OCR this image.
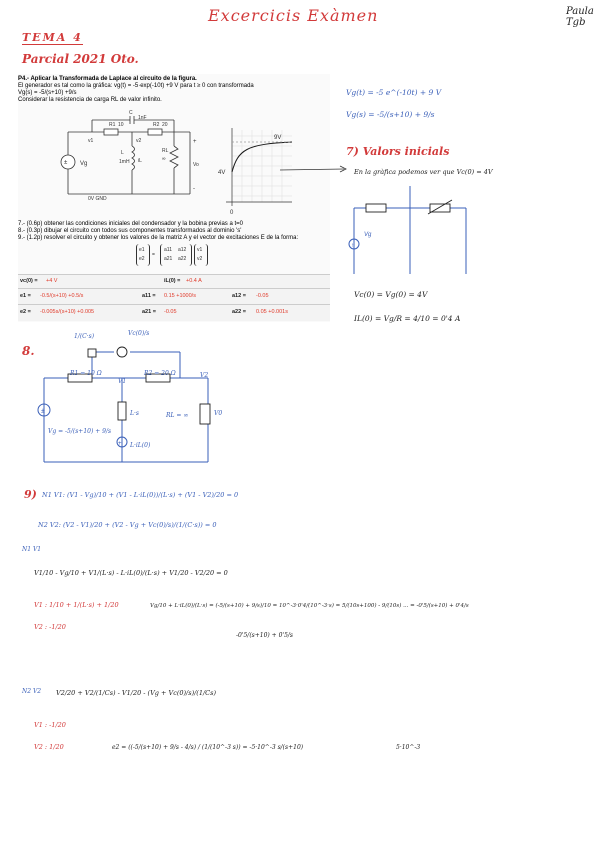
Excercicis Exàmen	Paula Tgb
TEMA 4
Parcial 2021 Oto.
P4.- Aplicar la Transformada de Laplace al circuito de la figura.
El generador es tal como la gráfica: vg(t) = -5·exp(-10t) +9 V para t ≥ 0 con transformada
Vg(s) = -5/(s+10) +9/s
Considerar la resistencia de carga RL de valor infinito.
± Vg
R1 10	R2 20
C
1nF
v2
v1
L
1mH iL
RL
∞
+
-
Vo
0V GND
9V
4V
0
7.- (0.6p) obtener las condiciones iniciales del condensador y la bobina previas a t=0
8.- (0.3p) dibujar el circuito con todos sus componentes transformados al dominio 's'
9.- (1.2p) resolver el circuito y obtener los valores de la matriz A y el vector de excitaciones E de la forma:
e1
e2
=
a11 a12
a21 a22
v1
v2
vc(0) = +4 V	iL(0) = +0.4 A
e1 = -0.5/(s+10) +0.5/s	a11 = 0.15 +1000/s	a12 = -0.05
e2 = -0.005s/(s+10) +0.005	a21 = -0.05	a22 = 0.05 +0.001s
Vg(t) = -5 e^(-10t) + 9 V
Vg(s) = -5/(s+10) + 9/s
7) Valors inicials
En la gràfica podemos ver que Vc(0) = 4V
↑
Vg
Vc(0) = Vg(0) = 4V
IL(0) = Vg/R = 4/10 = 0'4 A
8.
±
+
1/(C·s)	Vc(0)/s
R1 = 10 Ω	R2 = 20 Ω
V1
V2
Vg = -5/(s+10) + 9/s
L·s
L·iL(0)
RL = ∞	V0
9) N1 V1: (V1 - Vg)/10 + (V1 - L·iL(0))/(L·s) + (V1 - V2)/20 = 0
N2 V2: (V2 - V1)/20 + (V2 - Vg + Vc(0)/s)/(1/(C·s)) = 0
N1 V1
V1/10 - Vg/10 + V1/(L·s) - L·iL(0)/(L·s) + V1/20 - V2/20 = 0
V1 : 1/10 + 1/(L·s) + 1/20
V2 : -1/20
Vg/10 + L·iL(0)/(L·s) = (-5/(s+10) + 9/s)/10 = 10^-3·0'4/(10^-3·s) = 5/(10s+100) - 9/(10s) ... = -0'5/(s+10) + 0'4/s
-0'5/(s+10) + 0'5/s
N2 V2 V2/20 + V2/(1/Cs) - V1/20 - (Vg + Vc(0)/s)/(1/Cs)
V1 : -1/20
V2 : 1/20	e2 = ((-5/(s+10) + 9/s - 4/s) / (1/(10^-3 s)) = -5·10^-3 s/(s+10)	5·10^-3
